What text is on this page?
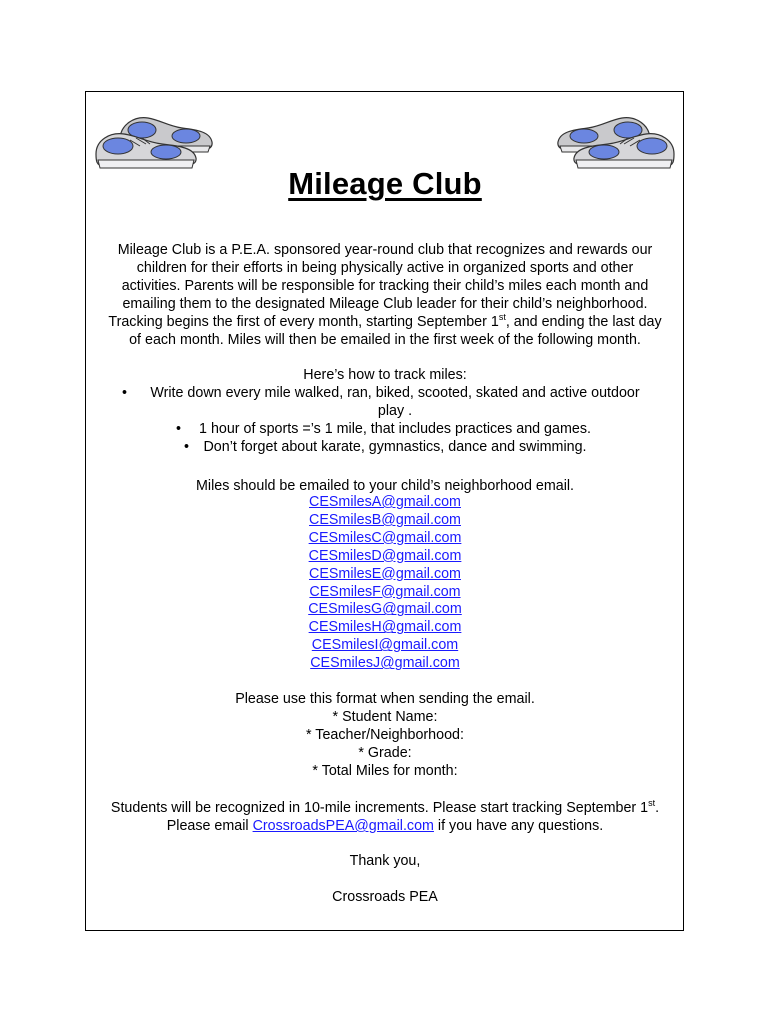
Mileage Club
Mileage Club is a P.E.A. sponsored year-round club that recognizes and rewards our
children for their efforts in being physically active in organized sports and other
activities. Parents will be responsible for tracking their child’s miles each month and
emailing them to the designated Mileage Club leader for their child’s neighborhood.
Tracking begins the first of every month, starting September 1st, and ending the last day
of each month. Miles will then be emailed in the first week of the following month.
Here’s how to track miles:
• Write down every mile walked, ran, biked, scooted, skated and active outdoor
play .
• 1 hour of sports =’s 1 mile, that includes practices and games.
• Don’t forget about karate, gymnastics, dance and swimming.
Miles should be emailed to your child’s neighborhood email.
CESmilesA@gmail.com
CESmilesB@gmail.com
CESmilesC@gmail.com
CESmilesD@gmail.com
CESmilesE@gmail.com
CESmilesF@gmail.com
CESmilesG@gmail.com
CESmilesH@gmail.com
CESmilesI@gmail.com
CESmilesJ@gmail.com
Please use this format when sending the email.
* Student Name:
* Teacher/Neighborhood:
* Grade:
* Total Miles for month:
Students will be recognized in 10-mile increments. Please start tracking September 1st.
Please email CrossroadsPEA@gmail.com if you have any questions.
Thank you,
Crossroads PEA
